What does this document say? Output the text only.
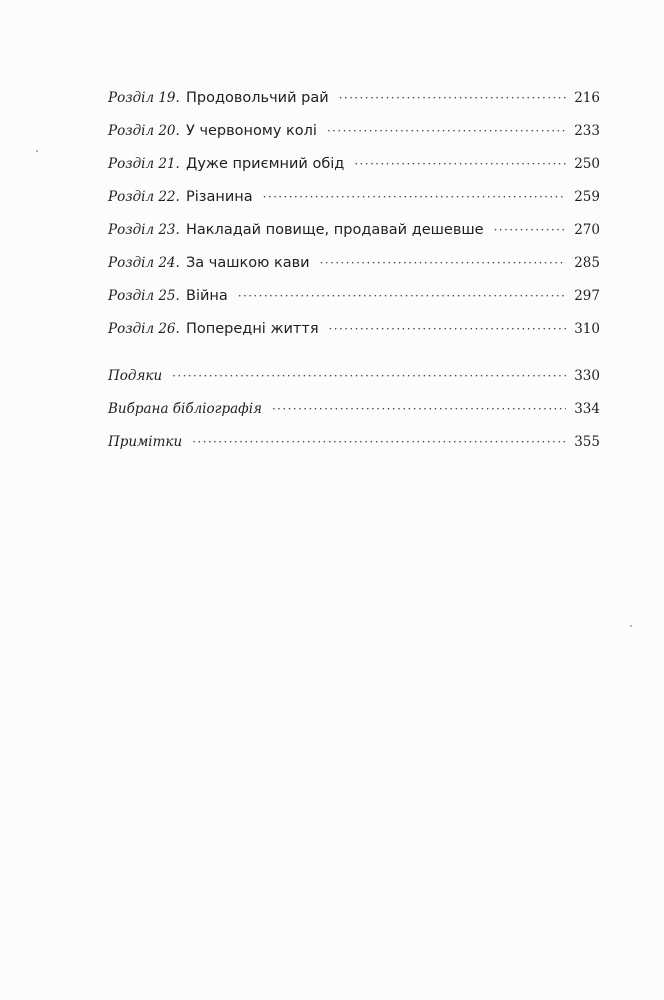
Розділ 19. Продовольчий рай ·····	216
Розділ 20. У червоному колі ·····	233
Розділ 21. Дуже приємний обід ·····	250
Розділ 22. Різанина ·····	259
Розділ 23. Накладай повище, продавай дешевше ·····	270
Розділ 24. За чашкою кави ·····	285
Розділ 25. Війна ·····	297
Розділ 26. Попередні життя ·····	310
Подяки ·····	330
Вибрана бібліографія ·····	334
Примітки ·····	355
